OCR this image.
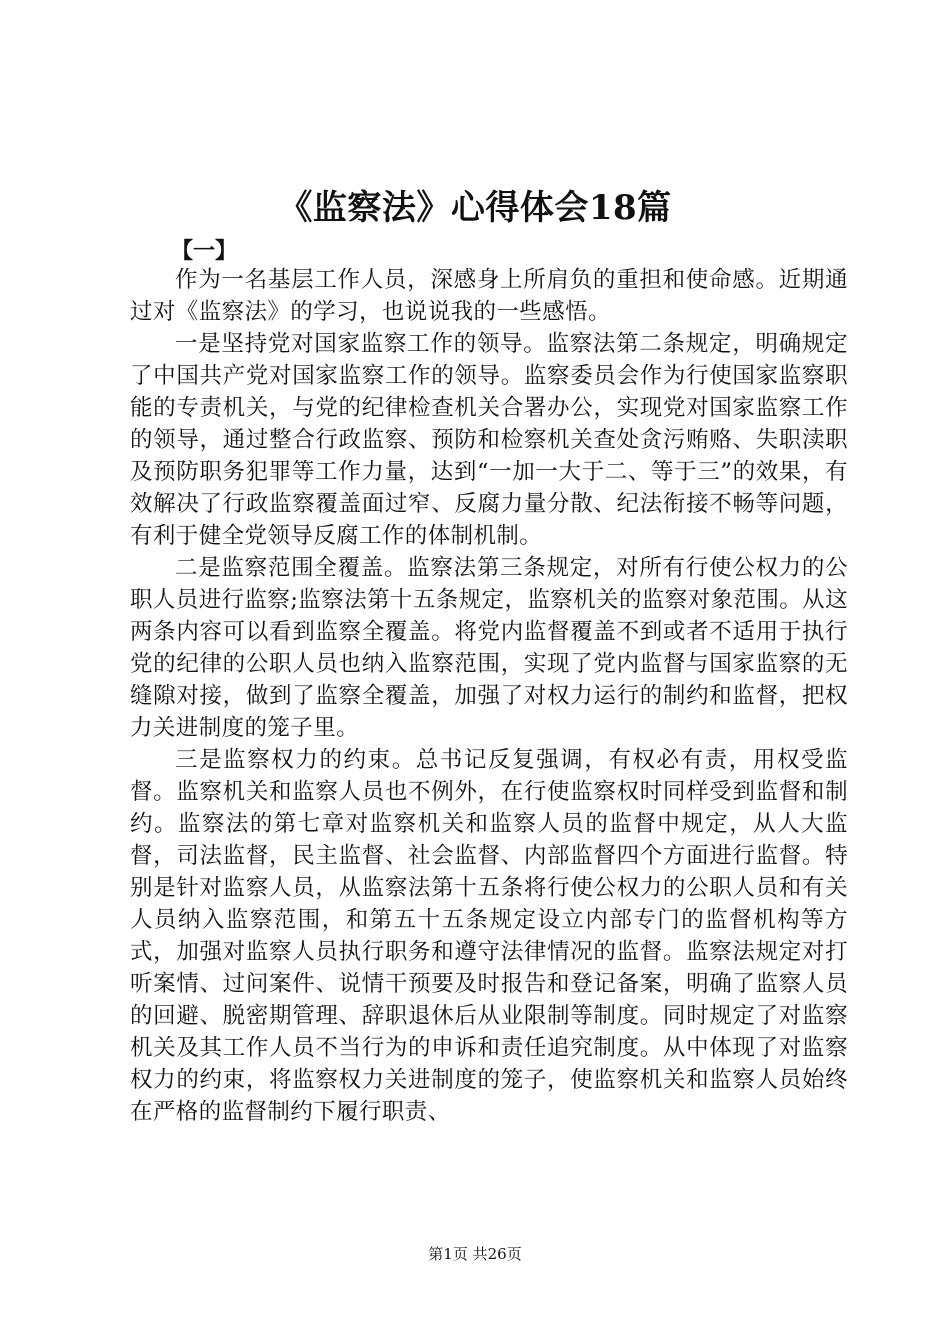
《监察法》心得体会18篇
【一】

作为一名基层工作人员，深感身上所肩负的重担和使命感。近期通过对《监察法》的学习，也说说我的一些感悟。

一是坚持党对国家监察工作的领导。监察法第二条规定，明确规定了中国共产党对国家监察工作的领导。监察委员会作为行使国家监察职能的专责机关，与党的纪律检查机关合署办公，实现党对国家监察工作的领导，通过整合行政监察、预防和检察机关查处贪污贿赂、失职渎职及预防职务犯罪等工作力量，达到“一加一大于二、等于三”的效果，有效解决了行政监察覆盖面过窄、反腐力量分散、纪法衔接不畅等问题，有利于健全党领导反腐工作的体制机制。

二是监察范围全覆盖。监察法第三条规定，对所有行使公权力的公职人员进行监察;监察法第十五条规定，监察机关的监察对象范围。从这两条内容可以看到监察全覆盖。将党内监督覆盖不到或者不适用于执行党的纪律的公职人员也纳入监察范围，实现了党内监督与国家监察的无缝隙对接，做到了监察全覆盖，加强了对权力运行的制约和监督，把权力关进制度的笼子里。

三是监察权力的约束。总书记反复强调，有权必有责，用权受监督。监察机关和监察人员也不例外，在行使监察权时同样受到监督和制约。监察法的第七章对监察机关和监察人员的监督中规定，从人大监督，司法监督，民主监督、社会监督、内部监督四个方面进行监督。特别是针对监察人员，从监察法第十五条将行使公权力的公职人员和有关人员纳入监察范围，和第五十五条规定设立内部专门的监督机构等方式，加强对监察人员执行职务和遵守法律情况的监督。监察法规定对打听案情、过问案件、说情干预要及时报告和登记备案，明确了监察人员的回避、脱密期管理、辞职退休后从业限制等制度。同时规定了对监察机关及其工作人员不当行为的申诉和责任追究制度。从中体现了对监察权力的约束，将监察权力关进制度的笼子，使监察机关和监察人员始终在严格的监督制约下履行职责、

第1页 共26页
